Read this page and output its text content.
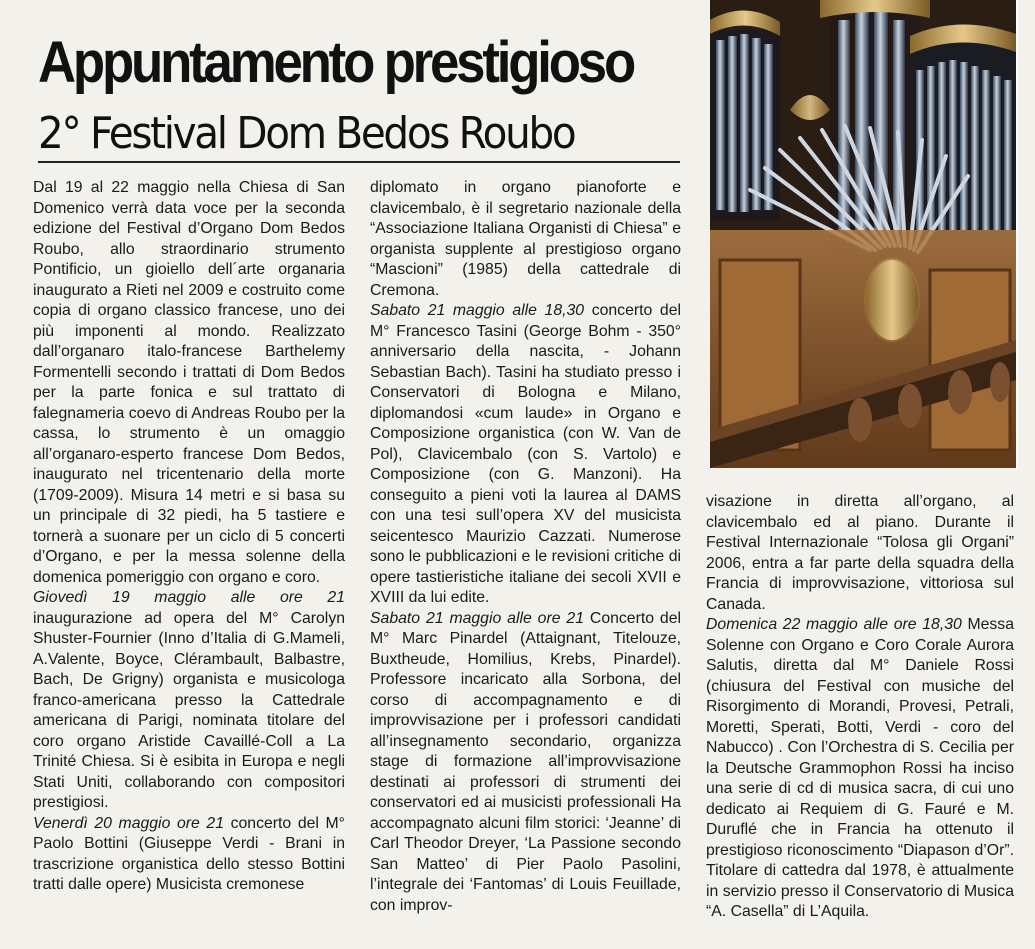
Appuntamento prestigioso
2° Festival Dom Bedos Roubo

Dal 19 al 22 maggio nella Chiesa di San Domenico verrà data voce per la seconda edizione del Festival d’Organo Dom Bedos Roubo, allo straordinario strumento Pontificio, un gioiello dell´arte organaria inaugurato a Rieti nel 2009 e costruito come copia di organo classico francese, uno dei più imponenti al mondo. Realizzato dall’organaro italo-francese Barthelemy Formentelli secondo i trattati di Dom Bedos per la parte fonica e sul trattato di falegnameria coevo di Andreas Roubo per la cassa, lo strumento è un omaggio all’organaro-esperto francese Dom Bedos, inaugurato nel tricentenario della morte (1709-2009). Misura 14 metri e si basa su un principale di 32 piedi, ha 5 tastiere e tornerà a suonare per un ciclo di 5 concerti d’Organo, e per la messa solenne della domenica pomeriggio con organo e coro.

Giovedì 19 maggio alle ore 21 inaugurazione ad opera del M° Carolyn Shuster-Fournier (Inno d’Italia di G.Mameli, A.Valente, Boyce, Clérambault, Balbastre, Bach, De Grigny) organista e musicologa franco-americana presso la Cattedrale americana di Parigi, nominata titolare del coro organo Aristide Cavaillé-Coll a La Trinité Chiesa. Si è esibita in Europa e negli Stati Uniti, collaborando con compositori prestigiosi.

Venerdì 20 maggio ore 21 concerto del M° Paolo Bottini (Giuseppe Verdi - Brani in trascrizione organistica dello stesso Bottini tratti dalle opere) Musicista cremonese

diplomato in organo pianoforte e clavicembalo, è il segretario nazionale della “Associazione Italiana Organisti di Chiesa” e organista supplente al prestigioso organo “Mascioni” (1985) della cattedrale di Cremona.

Sabato 21 maggio alle 18,30 concerto del M° Francesco Tasini (George Bohm - 350° anniversario della nascita, - Johann Sebastian Bach). Tasini ha studiato presso i Conservatori di Bologna e Milano, diplomandosi «cum laude» in Organo e Composizione organistica (con W. Van de Pol), Clavicembalo (con S. Vartolo) e Composizione (con G. Manzoni). Ha conseguito a pieni voti la laurea al DAMS con una tesi sull’opera XV del musicista seicentesco Maurizio Cazzati. Numerose sono le pubblicazioni e le revisioni critiche di opere tastieristiche italiane dei secoli XVII e XVIII da lui edite.

Sabato 21 maggio alle ore 21 Concerto del M° Marc Pinardel (Attaignant, Titelouze, Buxtheude, Homilius, Krebs, Pinardel). Professore incaricato alla Sorbona, del corso di accompagnamento e di improvvisazione per i professori candidati all’insegnamento secondario, organizza stage di formazione all’improvvisazione destinati ai professori di strumenti dei conservatori ed ai musicisti professionali Ha accompagnato alcuni film storici: ‘Jeanne’ di Carl Theodor Dreyer, ‘La Passione secondo San Matteo’ di Pier Paolo Pasolini, l’integrale dei ‘Fantomas’ di Louis Feuillade, con improv-

visazione in diretta all’organo, al clavicembalo ed al piano. Durante il Festival Internazionale “Tolosa gli Organi” 2006, entra a far parte della squadra della Francia di improvvisazione, vittoriosa sul Canada.

Domenica 22 maggio alle ore 18,30 Messa Solenne con Organo e Coro Corale Aurora Salutis, diretta dal M° Daniele Rossi (chiusura del Festival con musiche del Risorgimento di Morandi, Provesi, Petrali, Moretti, Sperati, Botti, Verdi - coro del Nabucco) . Con l’Orchestra di S. Cecilia per la Deutsche Grammophon Rossi ha inciso una serie di cd di musica sacra, di cui uno dedicato ai Requiem di G. Fauré e M. Duruflé che in Francia ha ottenuto il prestigioso riconoscimento “Diapason d’Or”. Titolare di cattedra dal 1978, è attualmente in servizio presso il Conservatorio di Musica “A. Casella” di L’Aquila.
